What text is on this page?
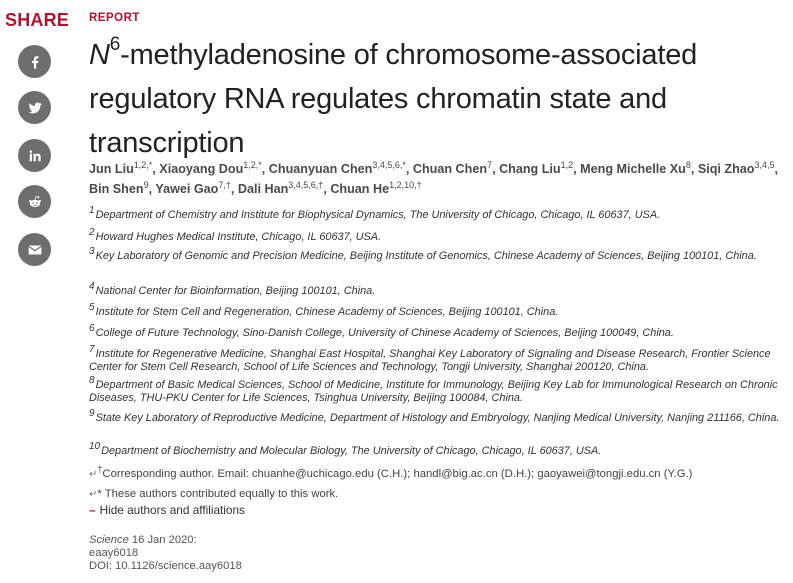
SHARE REPORT
$N^6$-methyladenosine of chromosome-associated regulatory RNA regulates chromatin state and transcription
Jun Liu$^{1,2,*}$, Xiaoyang Dou$^{1,2,*}$, Chuanyuan Chen$^{3,4,5,6,*}$, Chuan Chen$^7$, Chang Liu$^{1,2}$, Meng Michelle Xu$^8$, Siqi Zhao$^{3,4,5}$, Bin Shen$^9$, Yawei Gao$^{7,\dagger}$, Dali Han$^{3,4,5,6,\dagger}$, Chuan $He^{1,2,10,\dagger}$
$^1$Department of Chemistry and Institute for Biophysical Dynamics, The University of Chicago, Chicago, IL 60637, USA.
$^2$Howard Hughes Medical Institute, Chicago, IL 60637, USA.
$^3$Key Laboratory of Genomic and Precision Medicine, Beijing Institute of Genomics, Chinese Academy of Sciences, Beijing 100101, China.
$^4$National Center for Bioinformation, Beijing 100101, China.
$^5$Institute for Stem Cell and Regeneration, Chinese Academy of Sciences, Beijing 100101, China.
$^6$College of Future Technology, Sino-Danish College, University of Chinese Academy of Sciences, Beijing 100049, China.
$^7$Institute for Regenerative Medicine, Shanghai East Hospital, Shanghai Key Laboratory of Signaling and Disease Research, Frontier Science Center for Stem Cell Research, School of Life Sciences and Technology, Tongji University, Shanghai 200120, China.
$^8$Department of Basic Medical Sciences, School of Medicine, Institute for Immunology, Beijing Key Lab for Immunological Research on Chronic Diseases, THU-PKU Center for Life Sciences, Tsinghua University, Beijing 100084, China.
$^9$State Key Laboratory of Reproductive Medicine, Department of Histology and Embryology, Nanjing Medical University, Nanjing 211166, China.
$^{10}$Department of Biochemistry and Molecular Biology, The University of Chicago, Chicago, IL 60637, USA.
↵†Corresponding author. Email: chuanhe@uchicago.edu (C.H.); handl@big.ac.cn (D.H.); gaoyawei@tongji.edu.cn (Y.G.)
↵* These authors contributed equally to this work.
– Hide authors and affiliations
Science 16 Jan 2020:
eaay6018
DOI: 10.1126/science.aay6018
